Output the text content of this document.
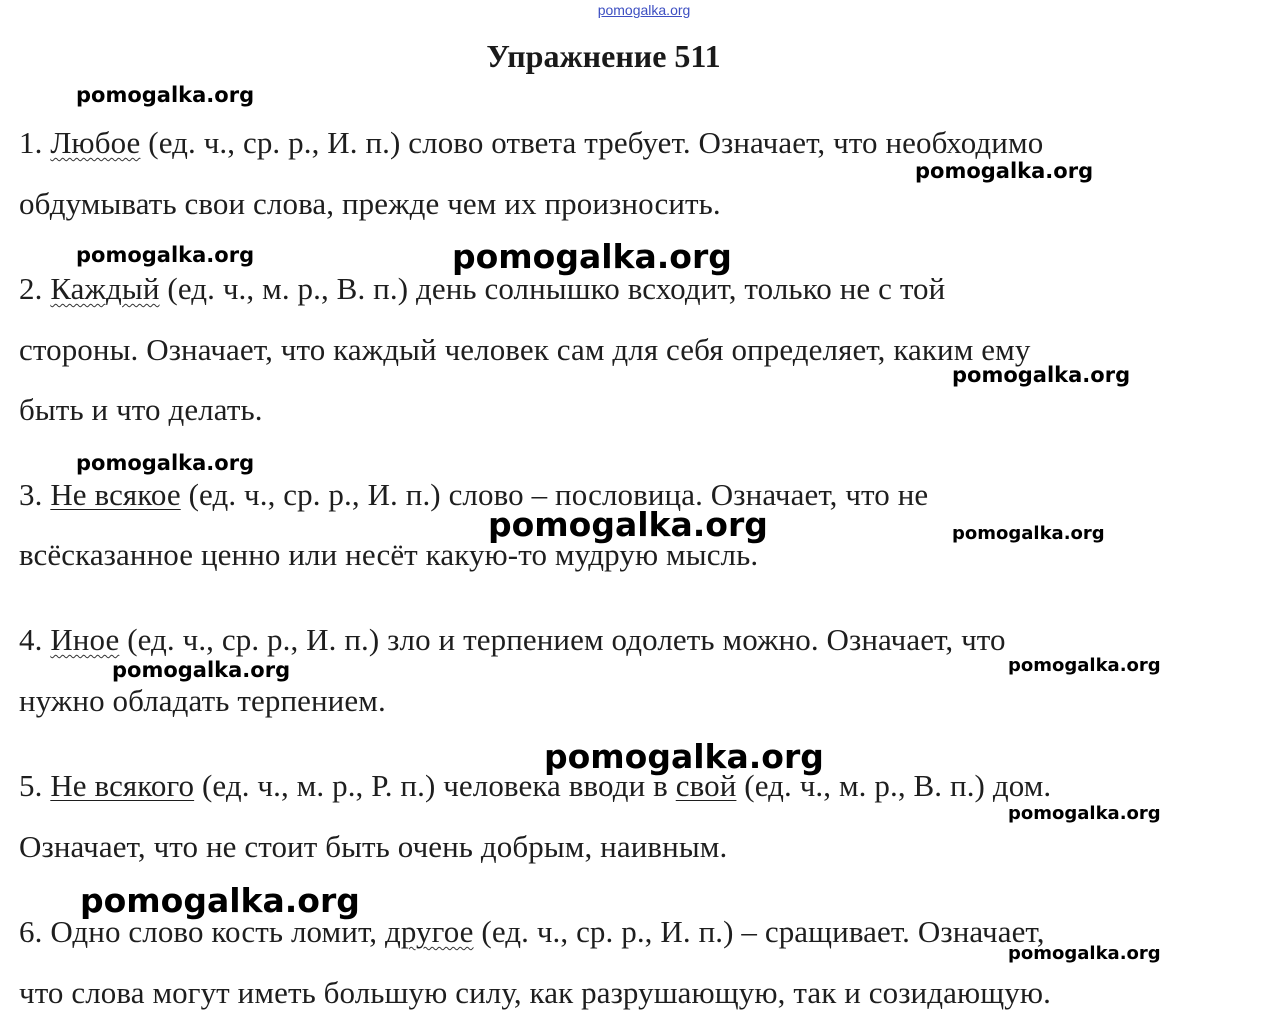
pomogalka.org
Упражнение 511
1. Любое (ед. ч., ср. р., И. п.) слово ответа требует. Означает, что необходимо
обдумывать свои слова, прежде чем их произносить.
2. Каждый (ед. ч., м. р., В. п.) день солнышко всходит, только не с той
стороны. Означает, что каждый человек сам для себя определяет, каким ему
быть и что делать.
3. Не всякое (ед. ч., ср. р., И. п.) слово – пословица. Означает, что не
всёсказанное ценно или несёт какую-то мудрую мысль.
4. Иное (ед. ч., ср. р., И. п.) зло и терпением одолеть можно. Означает, что
нужно обладать терпением.
5. Не всякого (ед. ч., м. р., Р. п.) человека вводи в свой (ед. ч., м. р., В. п.) дом.
Означает, что не стоит быть очень добрым, наивным.
6. Одно слово кость ломит, другое (ед. ч., ср. р., И. п.) – сращивает. Означает,
что слова могут иметь большую силу, как разрушающую, так и созидающую.
pomogalka.org
pomogalka.org
pomogalka.org	pomogalka.org
pomogalka.org
pomogalka.org
pomogalka.org	pomogalka.org
pomogalka.org	pomogalka.org
pomogalka.org
pomogalka.org
pomogalka.org
pomogalka.org
